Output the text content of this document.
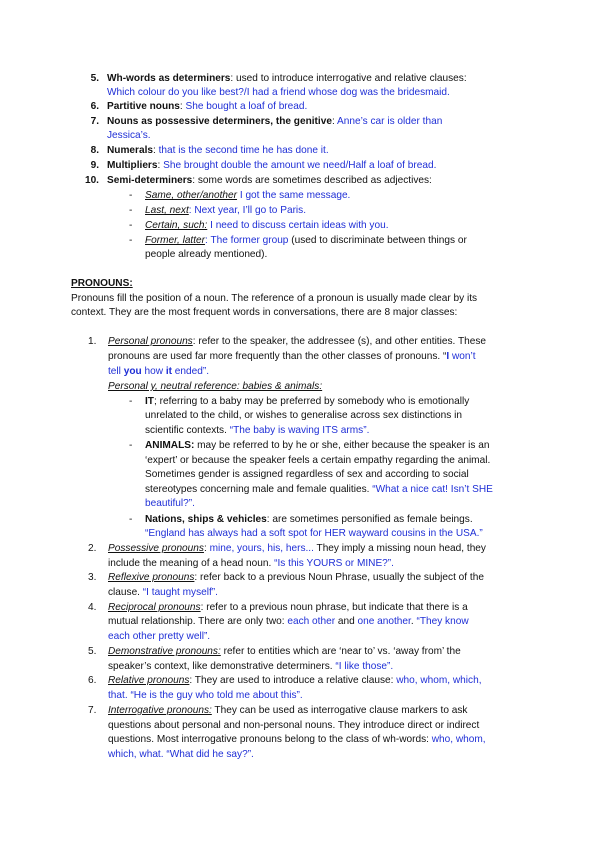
5. Wh-words as determiners: used to introduce interrogative and relative clauses:
Which colour do you like best?/I had a friend whose dog was the bridesmaid.
6. Partitive nouns: She bought a loaf of bread.
7. Nouns as possessive determiners, the genitive: Anne’s car is older than
Jessica’s.
8. Numerals: that is the second time he has done it.
9. Multipliers: She brought double the amount we need/Half a loaf of bread.
10. Semi-determiners: some words are sometimes described as adjectives:
- Same, other/another I got the same message.
- Last, next: Next year, I’ll go to Paris.
- Certain, such: I need to discuss certain ideas with you.
- Former, latter: The former group (used to discriminate between things or
people already mentioned).
PRONOUNS:
Pronouns fill the position of a noun. The reference of a pronoun is usually made clear by its
context. They are the most frequent words in conversations, there are 8 major classes:
1. Personal pronouns: refer to the speaker, the addressee (s), and other entities. These
pronouns are used far more frequently than the other classes of pronouns. “I won’t
tell you how it ended”.
Personal y, neutral reference: babies & animals:
- IT; referring to a baby may be preferred by somebody who is emotionally
unrelated to the child, or wishes to generalise across sex distinctions in
scientific contexts. “The baby is waving ITS arms”.
- ANIMALS: may be referred to by he or she, either because the speaker is an
‘expert’ or because the speaker feels a certain empathy regarding the animal.
Sometimes gender is assigned regardless of sex and according to social
stereotypes concerning male and female qualities. “What a nice cat! Isn’t SHE
beautiful?”.
- Nations, ships & vehicles: are sometimes personified as female beings.
“England has always had a soft spot for HER wayward cousins in the USA.”
2. Possessive pronouns: mine, yours, his, hers... They imply a missing noun head, they
include the meaning of a head noun. “Is this YOURS or MINE?”.
3. Reflexive pronouns: refer back to a previous Noun Phrase, usually the subject of the
clause. “I taught myself”.
4. Reciprocal pronouns: refer to a previous noun phrase, but indicate that there is a
mutual relationship. There are only two: each other and one another. “They know
each other pretty well”.
5. Demonstrative pronouns: refer to entities which are ‘near to’ vs. ‘away from’ the
speaker’s context, like demonstrative determiners. “I like those”.
6. Relative pronouns: They are used to introduce a relative clause: who, whom, which,
that. “He is the guy who told me about this”.
7. Interrogative pronouns: They can be used as interrogative clause markers to ask
questions about personal and non-personal nouns. They introduce direct or indirect
questions. Most interrogative pronouns belong to the class of wh-words: who, whom,
which, what. “What did he say?”.
